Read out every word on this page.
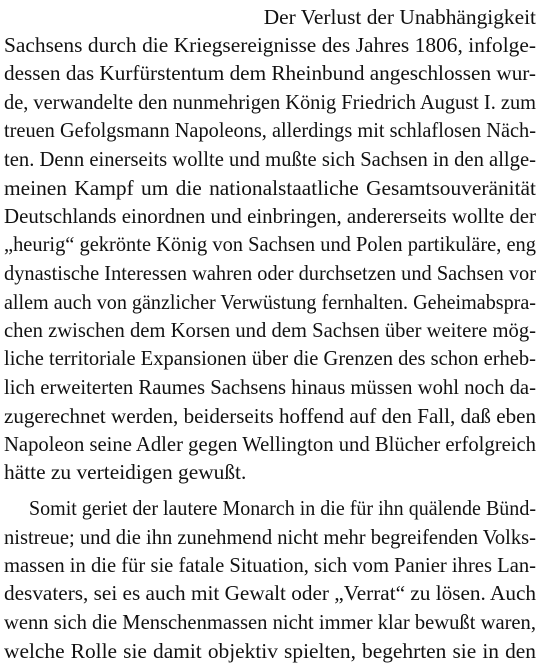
Der Verlust der Unabhängigkeit
Sachsens durch die Kriegsereignisse des Jahres 1806, infolge-
dessen das Kurfürstentum dem Rheinbund angeschlossen wur-
de, verwandelte den nunmehrigen König Friedrich August I. zum
treuen Gefolgsmann Napoleons, allerdings mit schlaflosen Näch-
ten. Denn einerseits wollte und mußte sich Sachsen in den allge-
meinen Kampf um die nationalstaatliche Gesamtsouveränität
Deutschlands einordnen und einbringen, andererseits wollte der
„heurig“ gekrönte König von Sachsen und Polen partikuläre, eng
dynastische Interessen wahren oder durchsetzen und Sachsen vor
allem auch von gänzlicher Verwüstung fernhalten. Geheimabspra-
chen zwischen dem Korsen und dem Sachsen über weitere mög-
liche territoriale Expansionen über die Grenzen des schon erheb-
lich erweiterten Raumes Sachsens hinaus müssen wohl noch da-
zugerechnet werden, beiderseits hoffend auf den Fall, daß eben
Napoleon seine Adler gegen Wellington und Blücher erfolgreich
hätte zu verteidigen gewußt.
Somit geriet der lautere Monarch in die für ihn quälende Bünd-
nistreue; und die ihn zunehmend nicht mehr begreifenden Volks-
massen in die für sie fatale Situation, sich vom Panier ihres Lan-
desvaters, sei es auch mit Gewalt oder „Verrat“ zu lösen. Auch
wenn sich die Menschenmassen nicht immer klar bewußt waren,
welche Rolle sie damit objektiv spielten, begehrten sie in den
